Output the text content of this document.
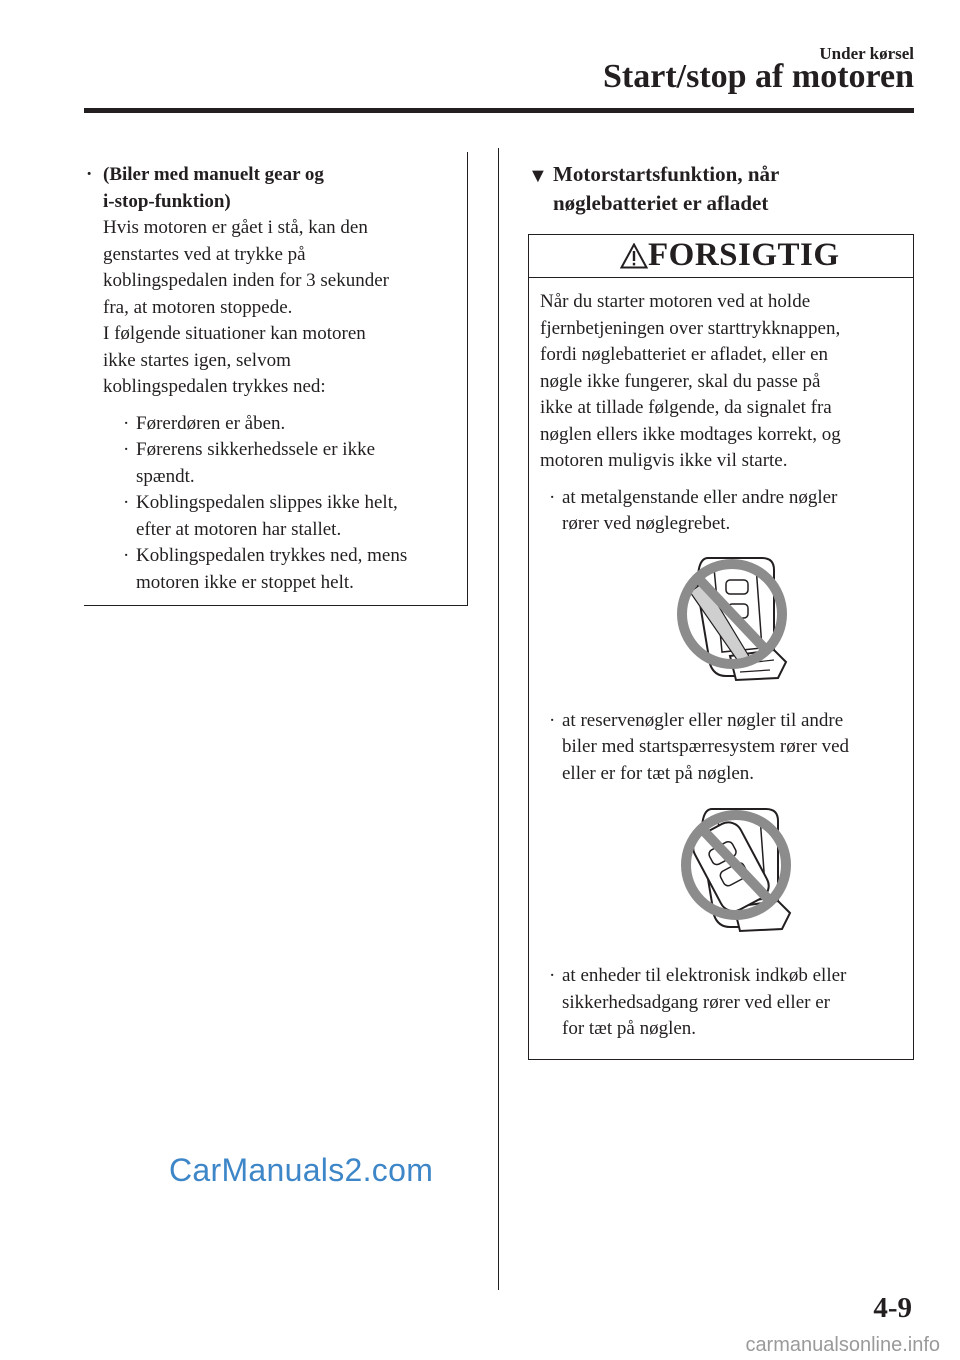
Under kørsel
Start/stop af motoren
· (Biler med manuelt gear og
i-stop-funktion)
Hvis motoren er gået i stå, kan den
genstartes ved at trykke på
koblingspedalen inden for 3 sekunder
fra, at motoren stoppede.
I følgende situationer kan motoren
ikke startes igen, selvom
koblingspedalen trykkes ned:
· Førerdøren er åben.
· Førerens sikkerhedssele er ikke
spændt.
· Koblingspedalen slippes ikke helt,
efter at motoren har stallet.
· Koblingspedalen trykkes ned, mens
motoren ikke er stoppet helt.
▼ Motorstartsfunktion, når
nøglebatteriet er afladet
FORSIGTIG
Når du starter motoren ved at holde
fjernbetjeningen over starttrykknappen,
fordi nøglebatteriet er afladet, eller en
nøgle ikke fungerer, skal du passe på
ikke at tillade følgende, da signalet fra
nøglen ellers ikke modtages korrekt, og
motoren muligvis ikke vil starte.
· at metalgenstande eller andre nøgler
rører ved nøglegrebet.
· at reservenøgler eller nøgler til andre
biler med startspærresystem rører ved
eller er for tæt på nøglen.
· at enheder til elektronisk indkøb eller
sikkerhedsadgang rører ved eller er
for tæt på nøglen.
CarManuals2.com
4-9
carmanualsonline.info
